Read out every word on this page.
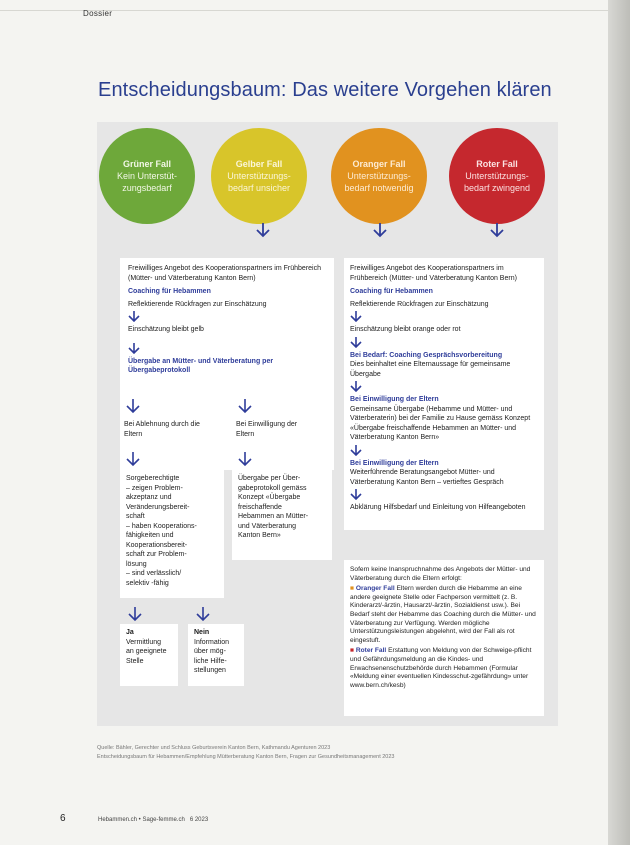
Dossier
Entscheidungsbaum: Das weitere Vorgehen klären
Grüner Fall
Kein Unterstüt-
zungsbedarf
Gelber Fall
Unterstützungs-
bedarf unsicher
Oranger Fall
Unterstützungs-
bedarf notwendig
Roter Fall
Unterstützungs-
bedarf zwingend
Freiwilliges Angebot des Kooperationspartners im Frühbereich (Mütter- und Väterberatung Kanton Bern)
Coaching für Hebammen
Reflektierende Rückfragen zur Einschätzung
Einschätzung bleibt gelb
Übergabe an Mütter- und Väterberatung per Übergabeprotokoll
Bei Ablehnung durch die Eltern
Bei Einwilligung der Eltern
Sorgeberechtigte
– zeigen Problem-
akzeptanz und
Veränderungsbereit-
schaft
– haben Kooperations-
fähigkeiten und
Kooperationsbereit-
schaft zur Problem-
lösung
– sind verlässlich/
selektiv -fähig
Übergabe per Über-
gabeprotokoll gemäss
Konzept «Übergabe
freischaffende
Hebammen an Mütter-
und Väterberatung
Kanton Bern»
Ja
Vermittlung
an geeignete
Stelle
Nein
Information
über mög-
liche Hilfe-
stellungen
Freiwilliges Angebot des Kooperationspartners im Frühbereich (Mütter- und Väterberatung Kanton Bern)
Coaching für Hebammen
Reflektierende Rückfragen zur Einschätzung
Einschätzung bleibt orange oder rot
Bei Bedarf: Coaching Gesprächsvorbereitung
Dies beinhaltet eine Elternaussage für gemeinsame Übergabe
Bei Einwilligung der Eltern
Gemeinsame Übergabe (Hebamme und Mütter- und Väterberaterin) bei der Familie zu Hause gemäss Konzept «Übergabe freischaffende Hebammen an Mütter- und Väterberatung Kanton Bern»
Bei Einwilligung der Eltern
Weiterführende Beratungsangebot Mütter- und Väterberatung Kanton Bern – vertieftes Gespräch
Abklärung Hilfsbedarf und Einleitung von Hilfeangeboten
Sofern keine Inanspruchnahme des Angebots der Mütter- und Väterberatung durch die Eltern erfolgt:
■ Oranger Fall Eltern werden durch die Hebamme an eine andere geeignete Stelle oder Fachperson vermittelt (z. B. Kinderarzt/-ärztin, Hausarzt/-ärztin, Sozialdienst usw.). Bei Bedarf steht der Hebamme das Coaching durch die Mütter- und Väterberatung zur Verfügung. Werden mögliche Unterstützungsleistungen abgelehnt, wird der Fall als rot eingestuft.
■ Roter Fall Erstattung von Meldung von der Schweige-pflicht und Gefährdungsmeldung an die Kindes- und Erwachsenenschutzbehörde durch Hebammen (Formular «Meldung einer eventuellen Kindesschut-zgefährdung» unter www.bern.ch/kesb)
Quelle: Bähler, Gerechter und Schluss Geburtsverein Kanton Bern, Kathmandu Agenturen 2023
Entscheidungsbaum für Hebammen/Empfehlung Mütterberatung Kanton Bern, Fragen zur Gesundheitsmanagement 2023
6	Hebammen.ch • Sage-femme.ch 6 2023
